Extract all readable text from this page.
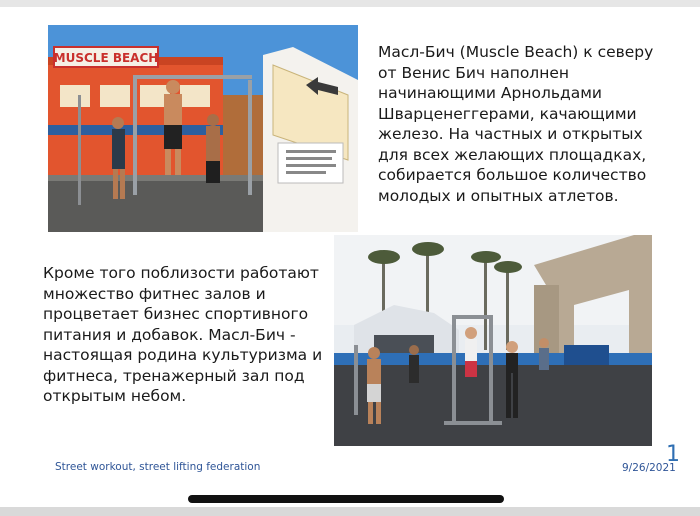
MUSCLE BEACH	Масл-Бич (Muscle Beach) к северу
от Венис Бич наполнен
начинающими Арнольдами
Шварценеггерами, качающими
железо. На частных и открытых
для всех желающих площадках,
собирается большое количество
молодых и опытных атлетов.

Кроме того поблизости работают
множество фитнес залов и
процветает бизнес спортивного
питания и добавок. Масл-Бич -
настоящая родина культуризма и
фитнеса, тренажерный зал под
открытым небом.

Street workout, street lifting federation	9/26/2021
1
